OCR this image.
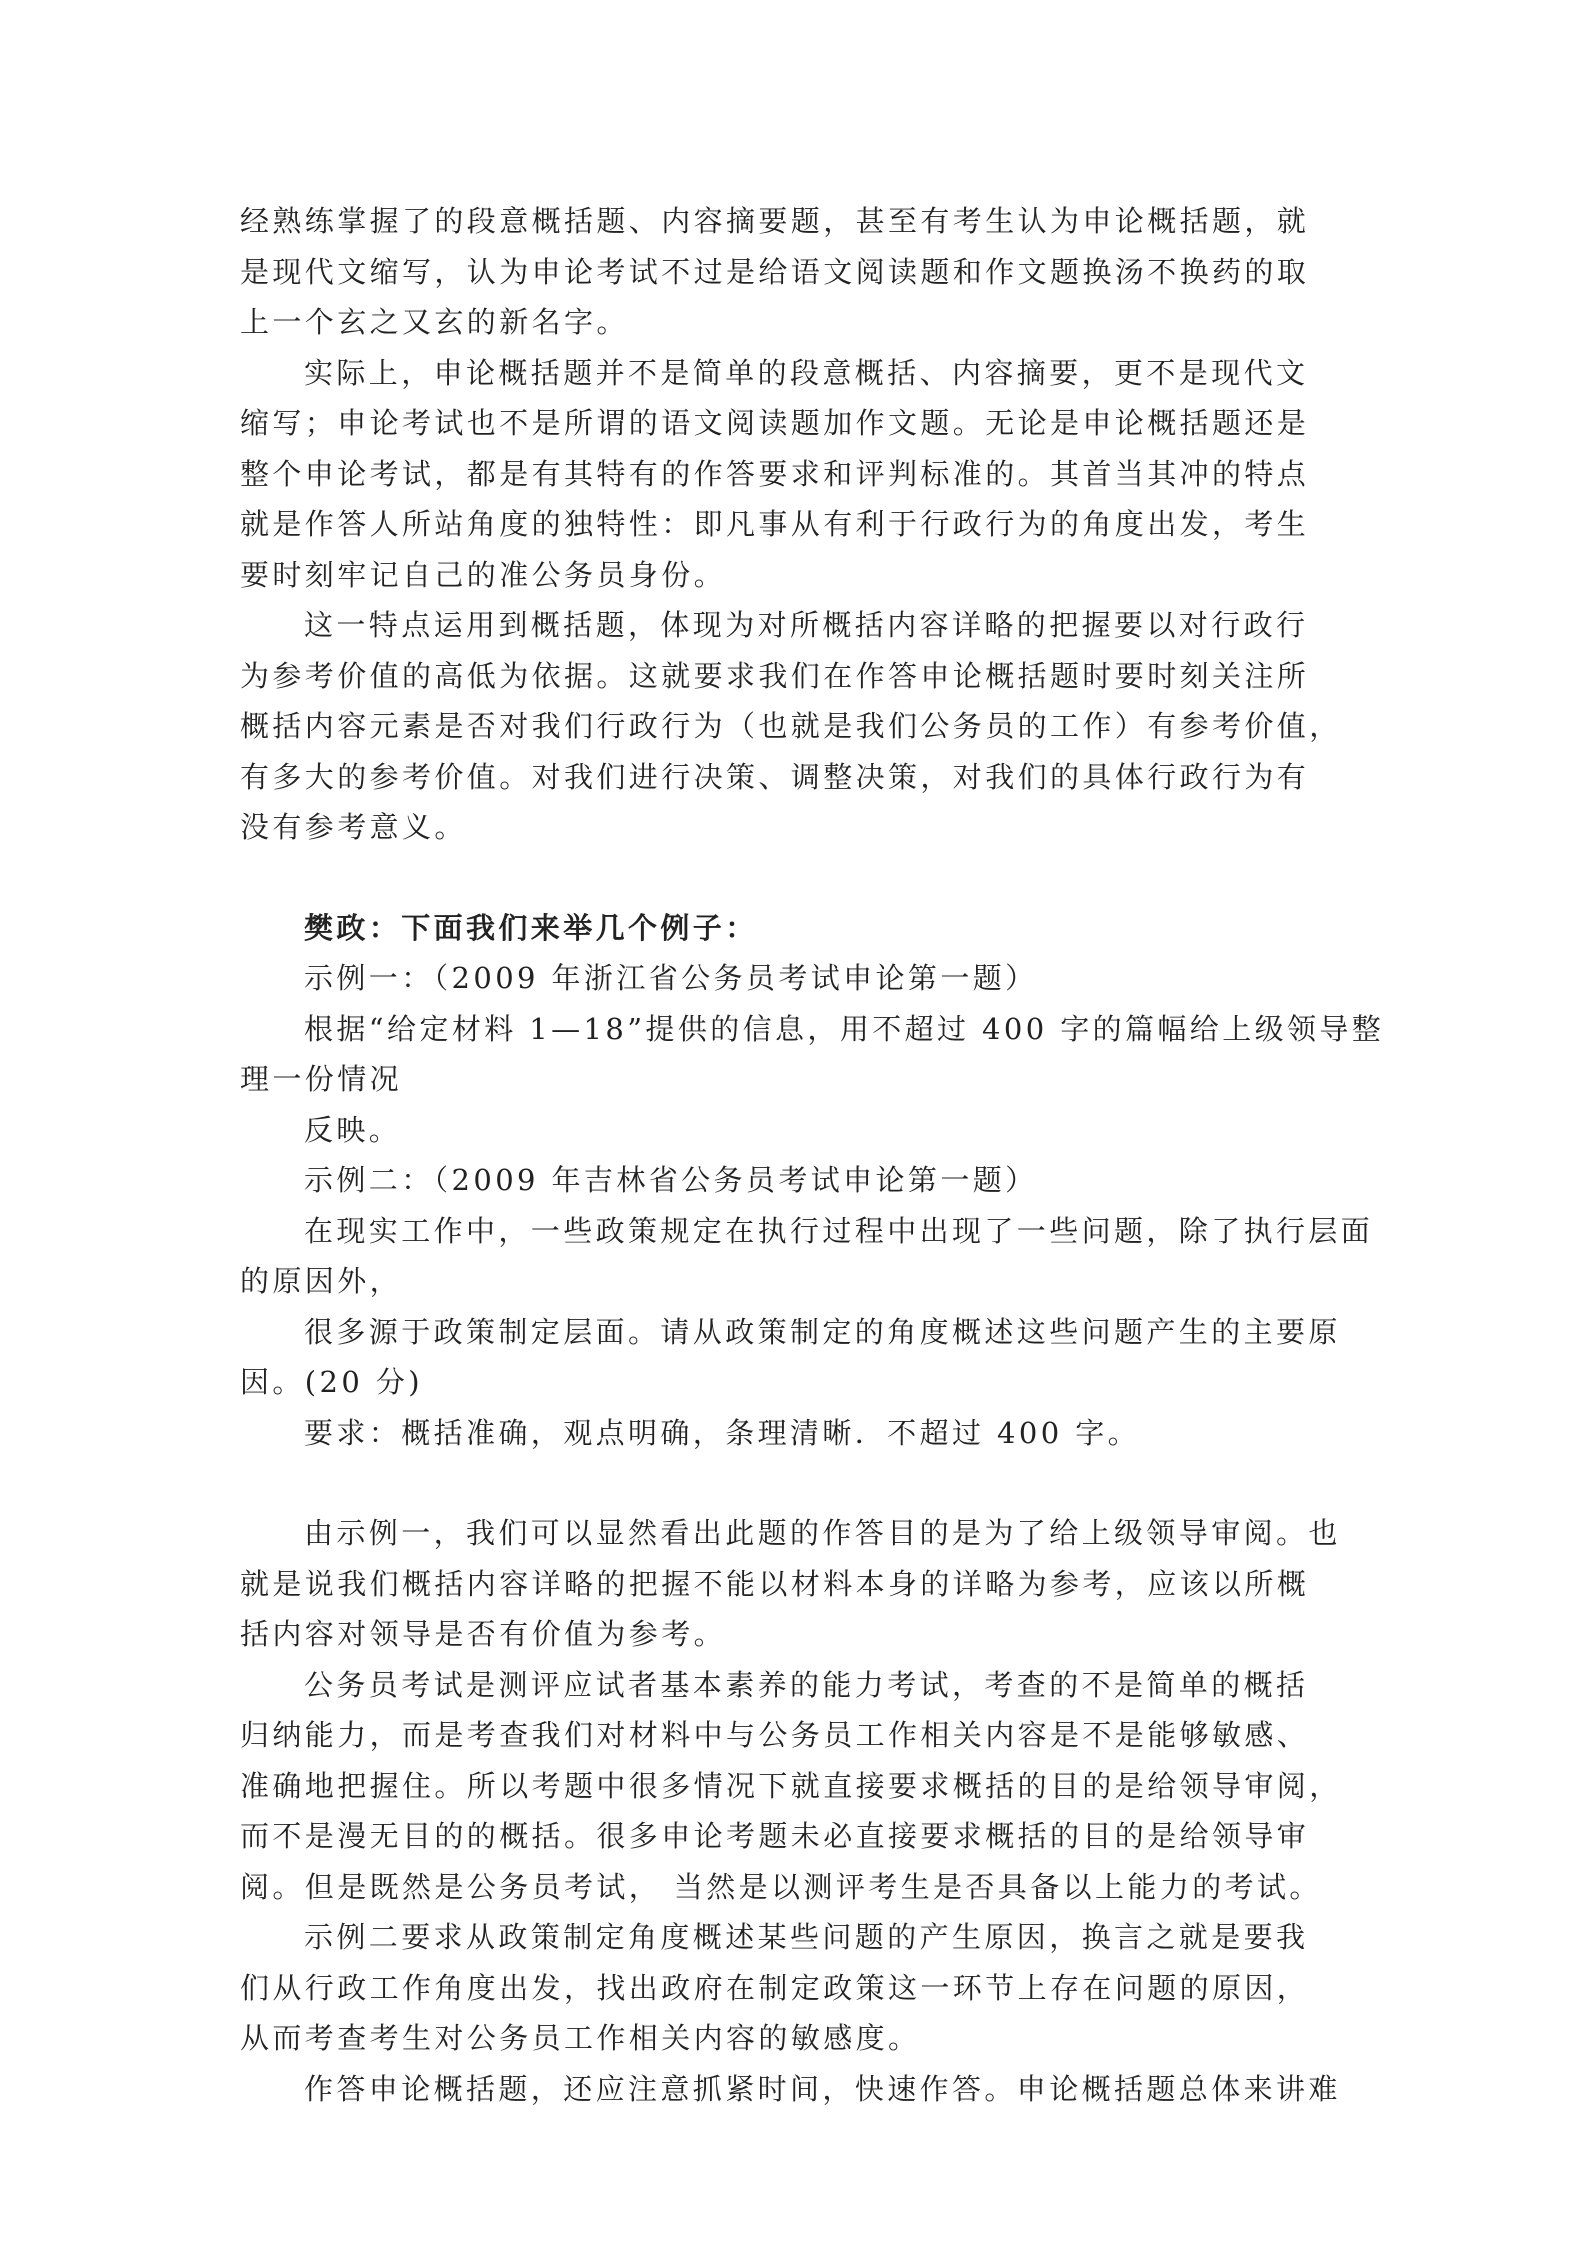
经熟练掌握了的段意概括题、内容摘要题，甚至有考生认为申论概括题，就
是现代文缩写，认为申论考试不过是给语文阅读题和作文题换汤不换药的取
上一个玄之又玄的新名字。
实际上，申论概括题并不是简单的段意概括、内容摘要，更不是现代文
缩写；申论考试也不是所谓的语文阅读题加作文题。无论是申论概括题还是
整个申论考试，都是有其特有的作答要求和评判标准的。其首当其冲的特点
就是作答人所站角度的独特性：即凡事从有利于行政行为的角度出发，考生
要时刻牢记自己的准公务员身份。
这一特点运用到概括题，体现为对所概括内容详略的把握要以对行政行
为参考价值的高低为依据。这就要求我们在作答申论概括题时要时刻关注所
概括内容元素是否对我们行政行为（也就是我们公务员的工作）有参考价值，
有多大的参考价值。对我们进行决策、调整决策，对我们的具体行政行为有
没有参考意义。
樊政：下面我们来举几个例子：
示例一：（2009 年浙江省公务员考试申论第一题）
根据“给定材料 1—18”提供的信息，用不超过 400 字的篇幅给上级领导整
理一份情况
反映。
示例二：（2009 年吉林省公务员考试申论第一题）
在现实工作中，一些政策规定在执行过程中出现了一些问题，除了执行层面
的原因外，
很多源于政策制定层面。请从政策制定的角度概述这些问题产生的主要原
因。(20 分)
要求：概括准确，观点明确，条理清晰．不超过 400 字。
由示例一，我们可以显然看出此题的作答目的是为了给上级领导审阅。也
就是说我们概括内容详略的把握不能以材料本身的详略为参考，应该以所概
括内容对领导是否有价值为参考。
公务员考试是测评应试者基本素养的能力考试，考查的不是简单的概括
归纳能力，而是考查我们对材料中与公务员工作相关内容是不是能够敏感、
准确地把握住。所以考题中很多情况下就直接要求概括的目的是给领导审阅，
而不是漫无目的的概括。很多申论考题未必直接要求概括的目的是给领导审
阅。但是既然是公务员考试， 当然是以测评考生是否具备以上能力的考试。
示例二要求从政策制定角度概述某些问题的产生原因，换言之就是要我
们从行政工作角度出发，找出政府在制定政策这一环节上存在问题的原因，
从而考查考生对公务员工作相关内容的敏感度。
作答申论概括题，还应注意抓紧时间，快速作答。申论概括题总体来讲难
